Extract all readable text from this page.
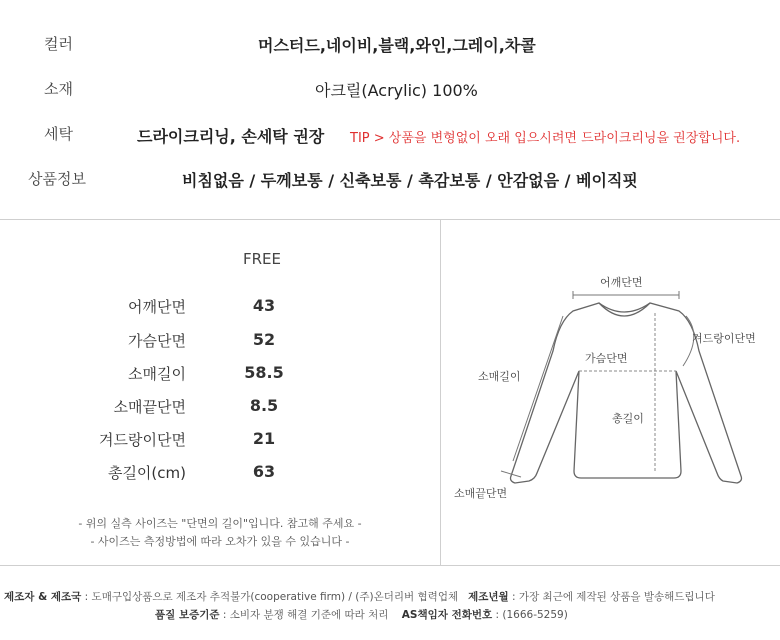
컬러	머스터드,네이비,블랙,와인,그레이,차콜
소재	아크릴(Acrylic) 100%
세탁	드라이크리닝, 손세탁 권장 TIP > 상품을 변형없이 오래 입으시려면 드라이크리닝을 권장합니다.
상품정보	비침없음 / 두께보통 / 신축보통 / 촉감보통 / 안감없음 / 베이직핏
FREE
어깨단면	43
가슴단면	52
소매길이	58.5
소매끝단면	8.5
겨드랑이단면	21
총길이(cm)	63
- 위의 실측 사이즈는 "단면의 길이"입니다. 참고해 주세요 -
- 사이즈는 측정방법에 따라 오차가 있을 수 있습니다 -
어깨단면
겨드랑이단면
가슴단면
소매길이
총길이
소매끝단면
제조자 & 제조국 : 도매구입상품으로 제조자 추적불가(cooperative firm) / (주)온더리버 협력업체 제조년월 : 가장 최근에 제작된 상품을 발송해드립니다
품질 보증기준 : 소비자 분쟁 해결 기준에 따라 처리 AS책임자 전화번호 : (1666-5259)
